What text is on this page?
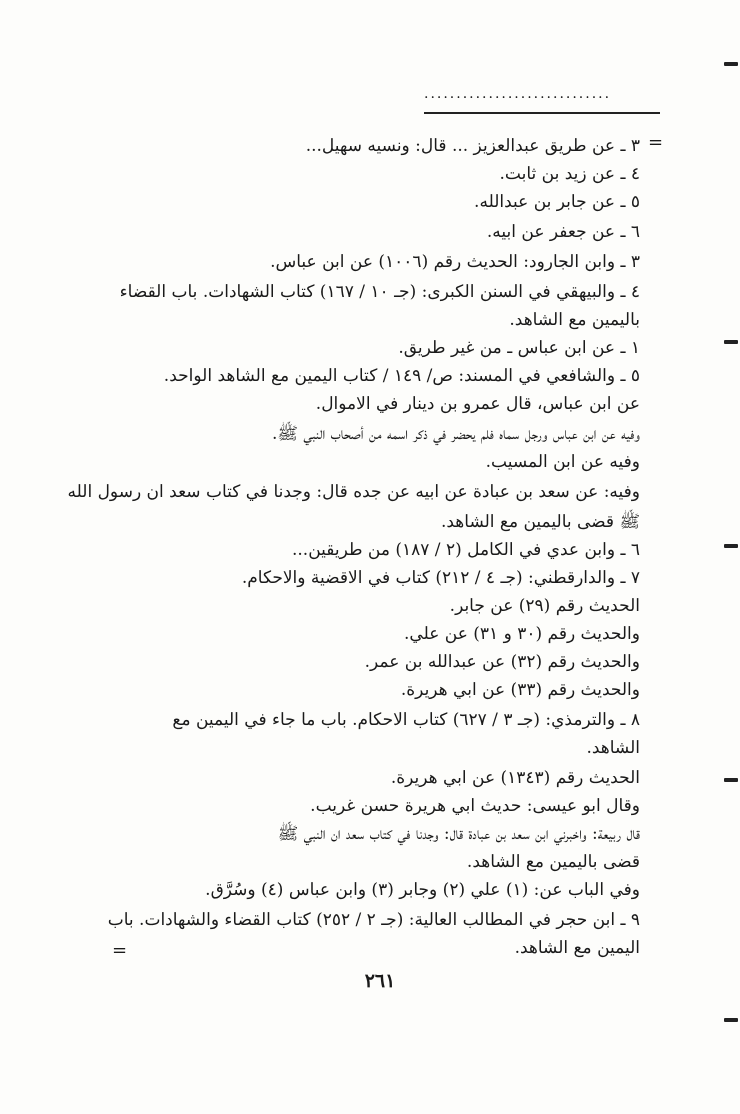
.............................
=
=
٣ ـ عن طريق عبدالعزيز ... قال: ونسيه سهيل...
٤ ـ عن زيد بن ثابت.
٥ ـ عن جابر بن عبدالله.
٦ ـ عن جعفر عن ابيه.
٣ ـ وابن الجارود: الحديث رقم (١٠٠٦) عن ابن عباس.
٤ ـ والبيهقي في السنن الكبرى: (جـ ١٠ / ١٦٧) كتاب الشهادات. باب القضاء
باليمين مع الشاهد.
١ ـ عن ابن عباس ـ من غير طريق.
٥ ـ والشافعي في المسند: ص/ ١٤٩ / كتاب اليمين مع الشاهد الواحد.
عن ابن عباس، قال عمرو بن دينار في الاموال.
وفيه عن ابن عباس ورجل سماه فلم يحضر في ذكر اسمه من أصحاب النبي ﷺ.
وفيه عن ابن المسيب.
وفيه: عن سعد بن عبادة عن ابيه عن جده قال: وجدنا في كتاب سعد ان رسول الله
ﷺ قضى باليمين مع الشاهد.
٦ ـ وابن عدي في الكامل (٢ / ١٨٧) من طريقين...
٧ ـ والدارقطني: (جـ ٤ / ٢١٢) كتاب في الاقضية والاحكام.
الحديث رقم (٢٩) عن جابر.
والحديث رقم (٣٠ و ٣١) عن علي.
والحديث رقم (٣٢) عن عبدالله بن عمر.
والحديث رقم (٣٣) عن ابي هريرة.
٨ ـ والترمذي: (جـ ٣ / ٦٢٧) كتاب الاحكام. باب ما جاء في اليمين مع
الشاهد.
الحديث رقم (١٣٤٣) عن ابي هريرة.
وقال ابو عيسى: حديث ابي هريرة حسن غريب.
قال ربيعة: واخبرني ابن سعد بن عبادة قال: وجدنا في كتاب سعد ان النبي ﷺ
قضى باليمين مع الشاهد.
وفي الباب عن: (١) علي (٢) وجابر (٣) وابن عباس (٤) وسُرَّق.
٩ ـ ابن حجر في المطالب العالية: (جـ ٢ / ٢٥٢) كتاب القضاء والشهادات. باب
اليمين مع الشاهد.
٢٦١
